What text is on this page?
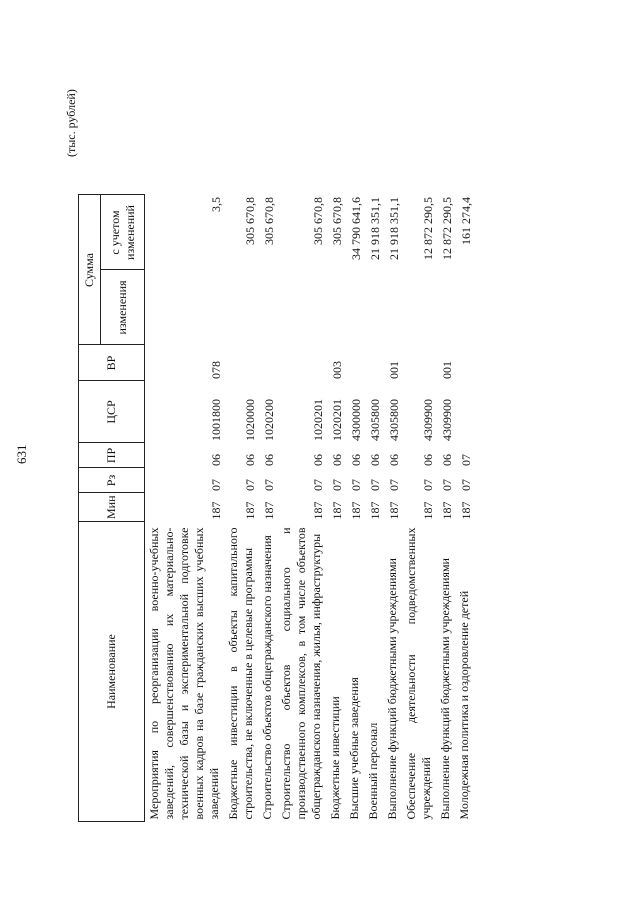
631
(тыс. рублей)
Наименование	Мин	Рз	ПР	ЦСР	ВР	Сумма	
						изменения	с учетом изменений
Мероприятия по реорганизации военно-учебных заведений, совершенствованию их материально-технической базы и экспериментальной подготовке военных кадров на базе гражданских высших учебных заведений	187	07	06	1001800	078		3,5
Бюджетные инвестиции в объекты капитального строительства, не включенные в целевые программы	187	07	06	1020000			305 670,8
Строительство объектов общегражданского назначения	187	07	06	1020200			305 670,8
Строительство объектов социального и производственного комплексов, в том числе объектов общегражданского назначения, жилья, инфраструктуры	187	07	06	1020201			305 670,8
Бюджетные инвестиции	187	07	06	1020201	003		305 670,8
Высшие учебные заведения	187	07	06	4300000			34 790 641,6
Военный персонал	187	07	06	4305800			21 918 351,1
Выполнение функций бюджетными учреждениями	187	07	06	4305800	001		21 918 351,1
Обеспечение деятельности подведомственных учреждений	187	07	06	4309900			12 872 290,5
Выполнение функций бюджетными учреждениями	187	07	06	4309900	001		12 872 290,5
Молодежная политика и оздоровление детей	187	07	07				161 274,4
